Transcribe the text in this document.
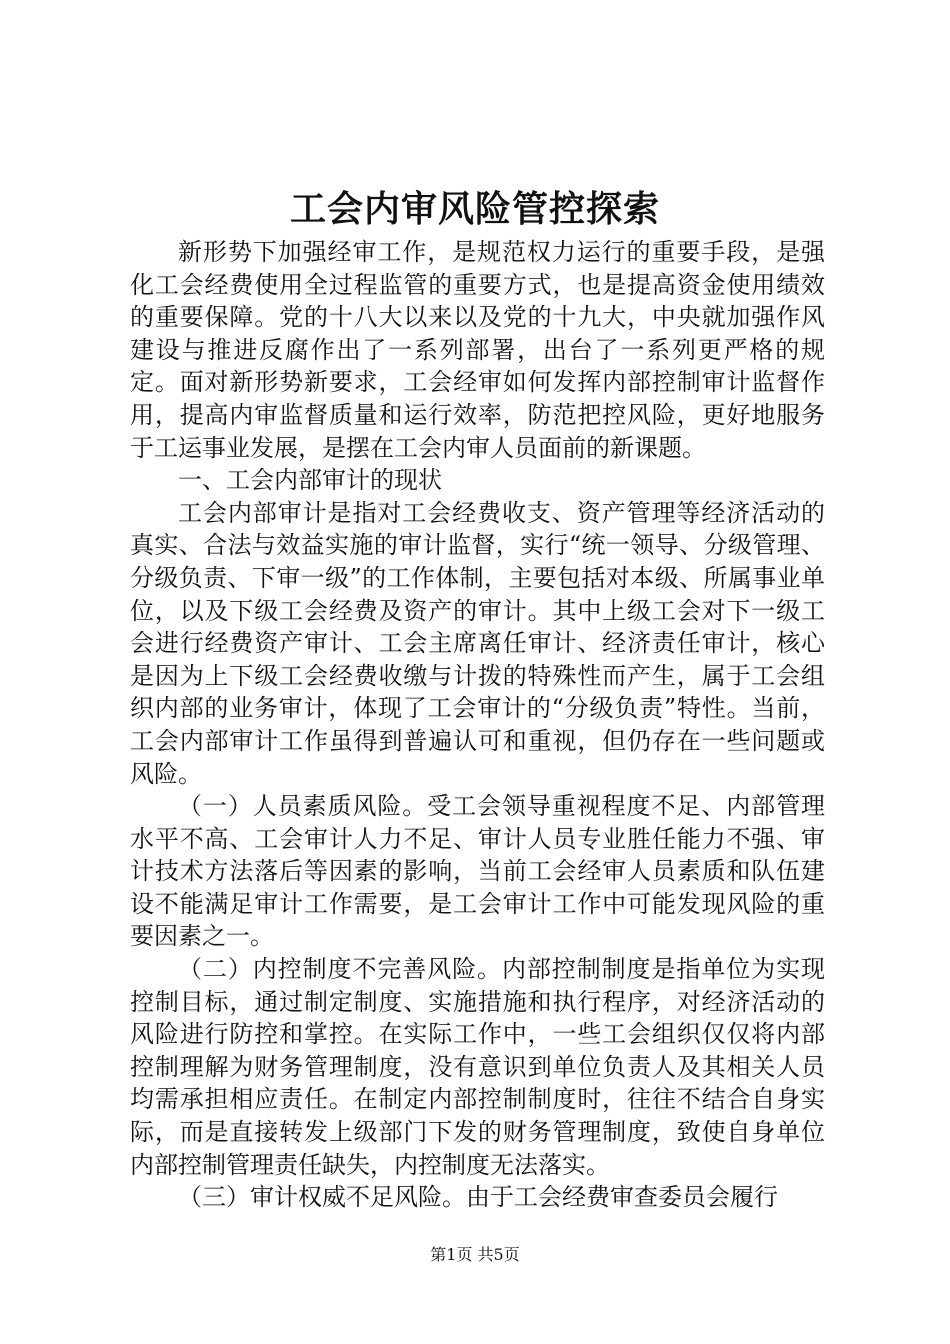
工会内审风险管控探索

新形势下加强经审工作，是规范权力运行的重要手段，是强化工会经费使用全过程监管的重要方式，也是提高资金使用绩效的重要保障。党的十八大以来以及党的十九大，中央就加强作风建设与推进反腐作出了一系列部署，出台了一系列更严格的规定。面对新形势新要求，工会经审如何发挥内部控制审计监督作用，提高内审监督质量和运行效率，防范把控风险，更好地服务于工运事业发展，是摆在工会内审人员面前的新课题。

一、工会内部审计的现状

工会内部审计是指对工会经费收支、资产管理等经济活动的真实、合法与效益实施的审计监督，实行“统一领导、分级管理、分级负责、下审一级”的工作体制，主要包括对本级、所属事业单位，以及下级工会经费及资产的审计。其中上级工会对下一级工会进行经费资产审计、工会主席离任审计、经济责任审计，核心是因为上下级工会经费收缴与计拨的特殊性而产生，属于工会组织内部的业务审计，体现了工会审计的“分级负责”特性。当前，工会内部审计工作虽得到普遍认可和重视，但仍存在一些问题或风险。

（一）人员素质风险。受工会领导重视程度不足、内部管理水平不高、工会审计人力不足、审计人员专业胜任能力不强、审计技术方法落后等因素的影响，当前工会经审人员素质和队伍建设不能满足审计工作需要，是工会审计工作中可能发现风险的重要因素之一。

（二）内控制度不完善风险。内部控制制度是指单位为实现控制目标，通过制定制度、实施措施和执行程序，对经济活动的风险进行防控和掌控。在实际工作中，一些工会组织仅仅将内部控制理解为财务管理制度，没有意识到单位负责人及其相关人员均需承担相应责任。在制定内部控制制度时，往往不结合自身实际，而是直接转发上级部门下发的财务管理制度，致使自身单位内部控制管理责任缺失，内控制度无法落实。

（三）审计权威不足风险。由于工会经费审查委员会履行

第1页 共5页
